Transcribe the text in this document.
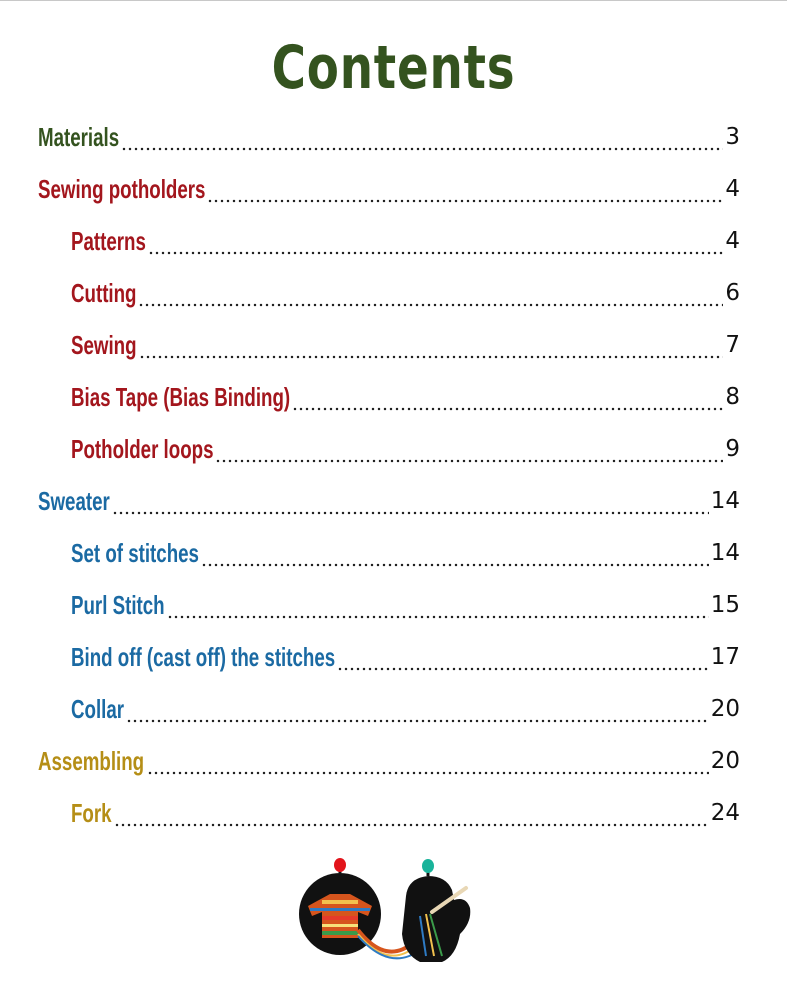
Contents
Materials	3
Sewing potholders	4
Patterns	4
Cutting	6
Sewing	7
Bias Tape (Bias Binding)	8
Potholder loops	9
Sweater	14
Set of stitches	14
Purl Stitch	15
Bind off (cast off) the stitches	17
Collar	20
Assembling	20
Fork	24
